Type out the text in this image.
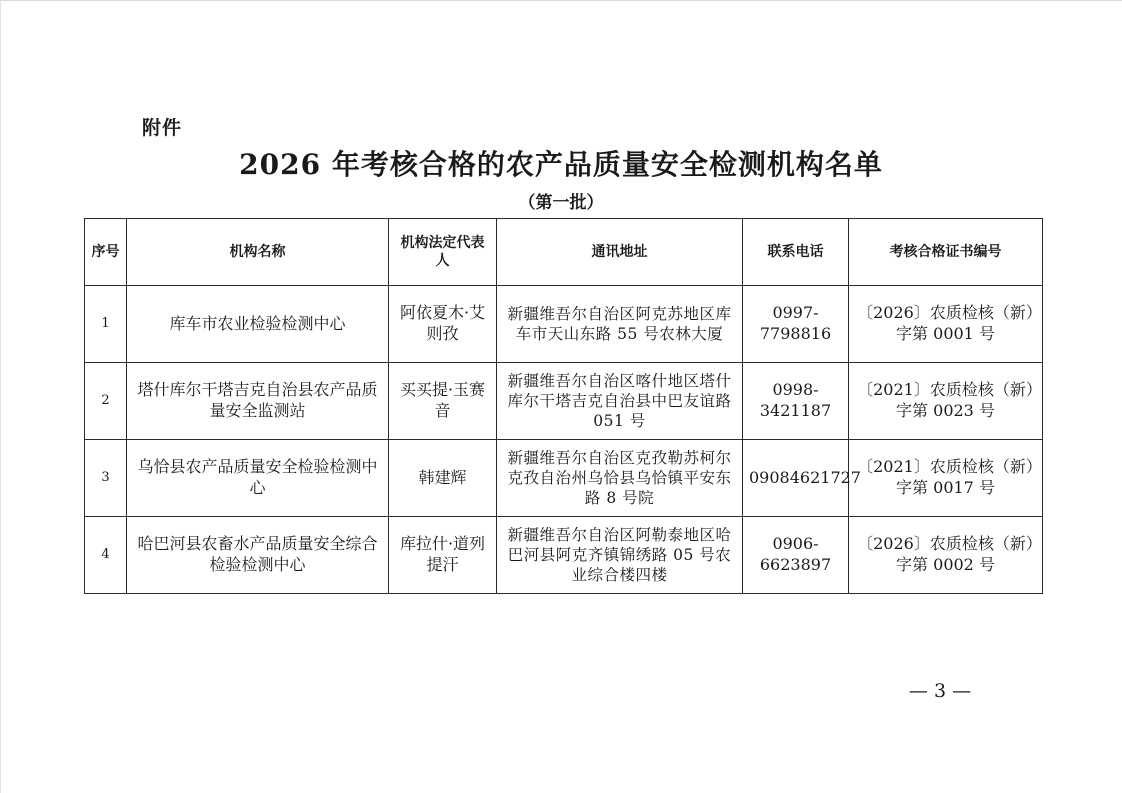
附件
2026 年考核合格的农产品质量安全检测机构名单
（第一批）
序号	机构名称	机构法定代表人	通讯地址	联系电话	考核合格证书编号
1	库车市农业检验检测中心	阿依夏木·艾则孜	新疆维吾尔自治区阿克苏地区库车市天山东路 55 号农林大厦	0997-7798816	〔2026〕农质检核（新）字第 0001 号
2	塔什库尔干塔吉克自治县农产品质量安全监测站	买买提·玉赛音	新疆维吾尔自治区喀什地区塔什库尔干塔吉克自治县中巴友谊路 051 号	0998-3421187	〔2021〕农质检核（新）字第 0023 号
3	乌恰县农产品质量安全检验检测中心	韩建辉	新疆维吾尔自治区克孜勒苏柯尔克孜自治州乌恰县乌恰镇平安东路 8 号院	09084621727	〔2021〕农质检核（新）字第 0017 号
4	哈巴河县农畜水产品质量安全综合检验检测中心	库拉什·道列提汗	新疆维吾尔自治区阿勒泰地区哈巴河县阿克齐镇锦绣路 05 号农业综合楼四楼	0906-6623897	〔2026〕农质检核（新）字第 0002 号
— 3 —
